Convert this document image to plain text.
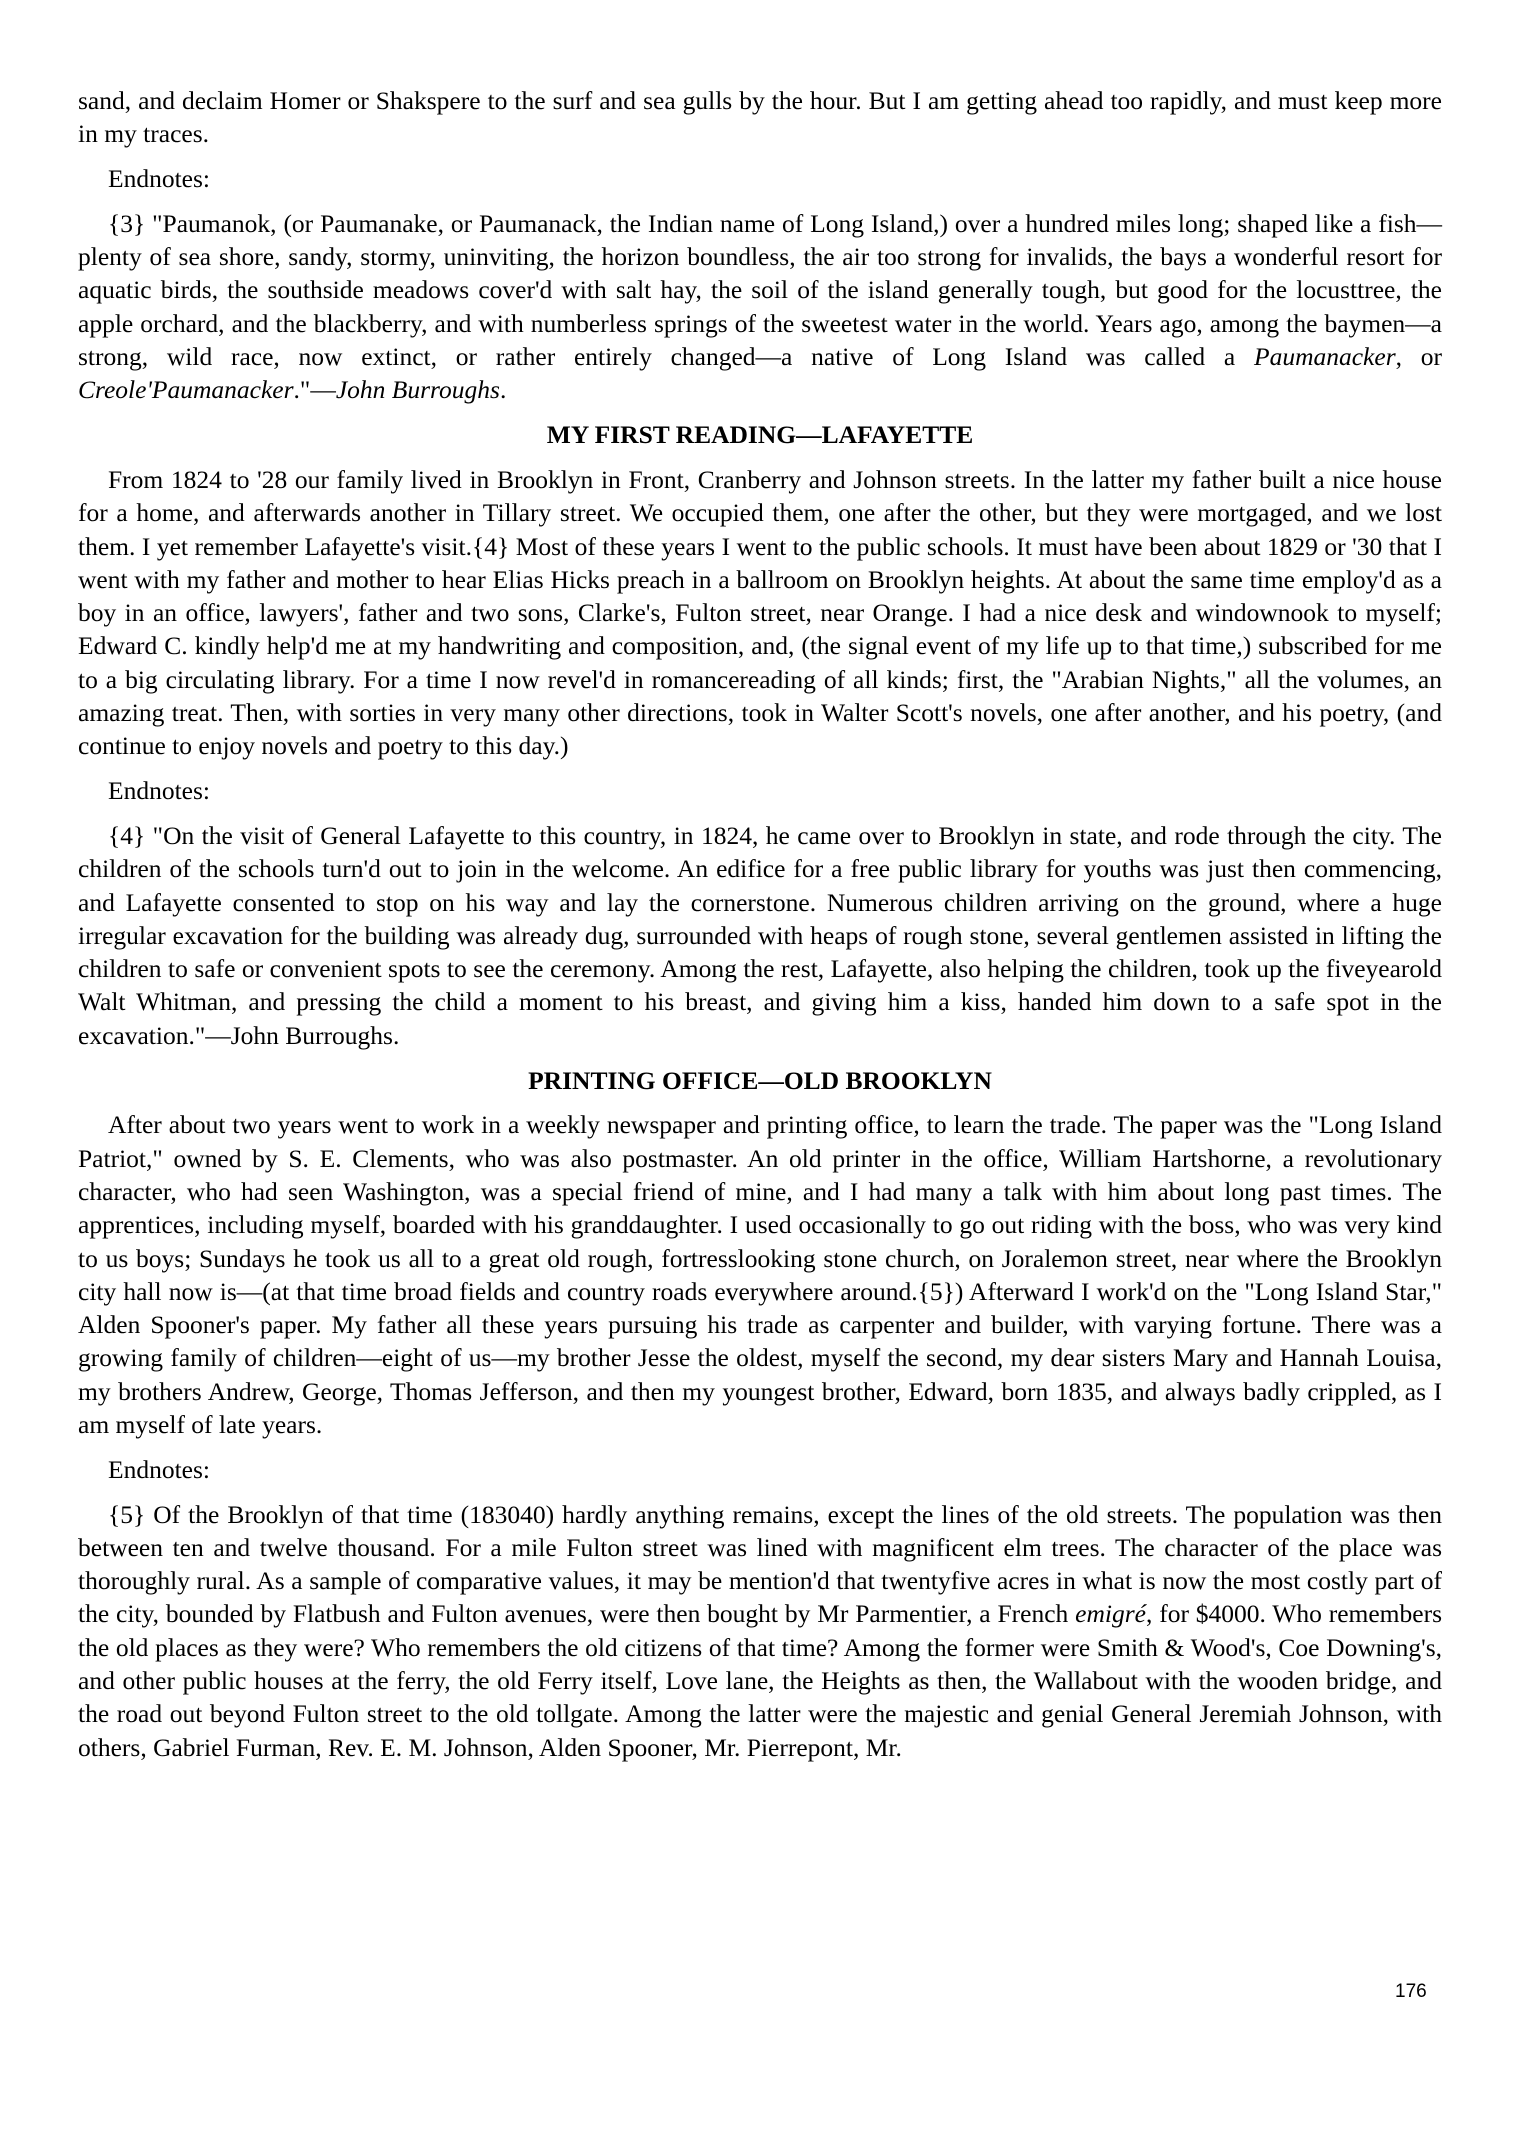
sand, and declaim Homer or Shakspere to the surf and sea gulls by the hour. But I am getting ahead too rapidly, and must keep more in my traces.

Endnotes:

{3} "Paumanok, (or Paumanake, or Paumanack, the Indian name of Long Island,) over a hundred miles long; shaped like a fish—plenty of sea shore, sandy, stormy, uninviting, the horizon boundless, the air too strong for invalids, the bays a wonderful resort for aquatic birds, the southside meadows cover'd with salt hay, the soil of the island generally tough, but good for the locusttree, the apple orchard, and the blackberry, and with numberless springs of the sweetest water in the world. Years ago, among the baymen—a strong, wild race, now extinct, or rather entirely changed—a native of Long Island was called a Paumanacker, or Creole'Paumanacker."—John Burroughs.

MY FIRST READING—LAFAYETTE

From 1824 to '28 our family lived in Brooklyn in Front, Cranberry and Johnson streets. In the latter my father built a nice house for a home, and afterwards another in Tillary street. We occupied them, one after the other, but they were mortgaged, and we lost them. I yet remember Lafayette's visit.{4} Most of these years I went to the public schools. It must have been about 1829 or '30 that I went with my father and mother to hear Elias Hicks preach in a ballroom on Brooklyn heights. At about the same time employ'd as a boy in an office, lawyers', father and two sons, Clarke's, Fulton street, near Orange. I had a nice desk and windownook to myself; Edward C. kindly help'd me at my handwriting and composition, and, (the signal event of my life up to that time,) subscribed for me to a big circulating library. For a time I now revel'd in romancereading of all kinds; first, the "Arabian Nights," all the volumes, an amazing treat. Then, with sorties in very many other directions, took in Walter Scott's novels, one after another, and his poetry, (and continue to enjoy novels and poetry to this day.)

Endnotes:

{4} "On the visit of General Lafayette to this country, in 1824, he came over to Brooklyn in state, and rode through the city. The children of the schools turn'd out to join in the welcome. An edifice for a free public library for youths was just then commencing, and Lafayette consented to stop on his way and lay the cornerstone. Numerous children arriving on the ground, where a huge irregular excavation for the building was already dug, surrounded with heaps of rough stone, several gentlemen assisted in lifting the children to safe or convenient spots to see the ceremony. Among the rest, Lafayette, also helping the children, took up the fiveyearold Walt Whitman, and pressing the child a moment to his breast, and giving him a kiss, handed him down to a safe spot in the excavation."—John Burroughs.

PRINTING OFFICE—OLD BROOKLYN

After about two years went to work in a weekly newspaper and printing office, to learn the trade. The paper was the "Long Island Patriot," owned by S. E. Clements, who was also postmaster. An old printer in the office, William Hartshorne, a revolutionary character, who had seen Washington, was a special friend of mine, and I had many a talk with him about long past times. The apprentices, including myself, boarded with his granddaughter. I used occasionally to go out riding with the boss, who was very kind to us boys; Sundays he took us all to a great old rough, fortresslooking stone church, on Joralemon street, near where the Brooklyn city hall now is—(at that time broad fields and country roads everywhere around.{5}) Afterward I work'd on the "Long Island Star," Alden Spooner's paper. My father all these years pursuing his trade as carpenter and builder, with varying fortune. There was a growing family of children—eight of us—my brother Jesse the oldest, myself the second, my dear sisters Mary and Hannah Louisa, my brothers Andrew, George, Thomas Jefferson, and then my youngest brother, Edward, born 1835, and always badly crippled, as I am myself of late years.

Endnotes:

{5} Of the Brooklyn of that time (183040) hardly anything remains, except the lines of the old streets. The population was then between ten and twelve thousand. For a mile Fulton street was lined with magnificent elm trees. The character of the place was thoroughly rural. As a sample of comparative values, it may be mention'd that twentyfive acres in what is now the most costly part of the city, bounded by Flatbush and Fulton avenues, were then bought by Mr Parmentier, a French emigré, for $4000. Who remembers the old places as they were? Who remembers the old citizens of that time? Among the former were Smith & Wood's, Coe Downing's, and other public houses at the ferry, the old Ferry itself, Love lane, the Heights as then, the Wallabout with the wooden bridge, and the road out beyond Fulton street to the old tollgate. Among the latter were the majestic and genial General Jeremiah Johnson, with others, Gabriel Furman, Rev. E. M. Johnson, Alden Spooner, Mr. Pierrepont, Mr.

176
